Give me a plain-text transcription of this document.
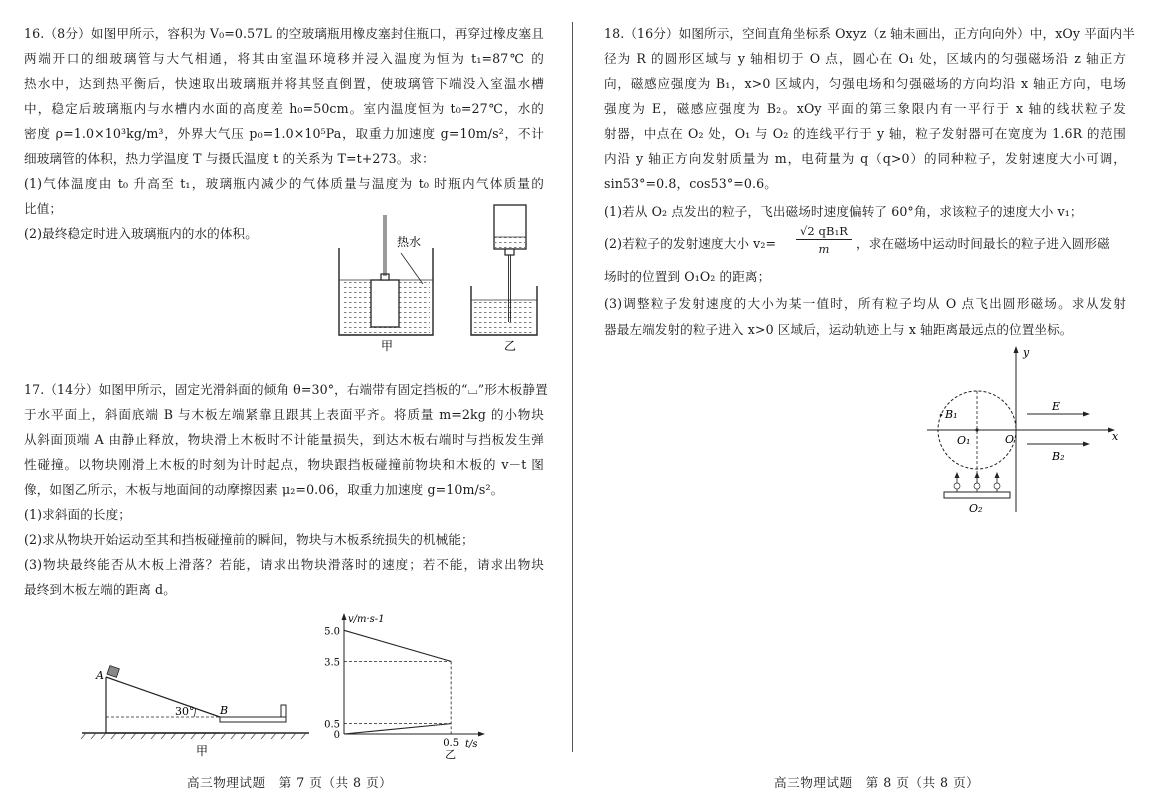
16.（8分）如图甲所示，容积为 V₀=0.57L 的空玻璃瓶用橡皮塞封住瓶口，再穿过橡皮塞且
两端开口的细玻璃管与大气相通，将其由室温环境移并浸入温度为恒为 t₁=87℃ 的
热水中，达到热平衡后，快速取出玻璃瓶并将其竖直倒置，使玻璃管下端没入室温水槽
中，稳定后玻璃瓶内与水槽内水面的高度差 h₀=50cm。室内温度恒为 t₀=27℃，水的
密度 ρ=1.0×10³kg/m³，外界大气压 p₀=1.0×10⁵Pa，取重力加速度 g=10m/s²，不计
细玻璃管的体积，热力学温度 T 与摄氏温度 t 的关系为 T=t+273。求：
(1)气体温度由 t₀ 升高至 t₁，玻璃瓶内减少的气体质量与温度为 t₀ 时瓶内气体质量的
比值；
(2)最终稳定时进入玻璃瓶内的水的体积。
热水
甲	乙
17.（14分）如图甲所示，固定光滑斜面的倾角 θ=30°，右端带有固定挡板的“⌴”形木板静置
于水平面上，斜面底端 B 与木板左端紧靠且跟其上表面平齐。将质量 m=2kg 的小物块
从斜面顶端 A 由静止释放，物块滑上木板时不计能量损失，到达木板右端时与挡板发生弹
性碰撞。以物块刚滑上木板的时刻为计时起点，物块跟挡板碰撞前物块和木板的 v－t 图
像，如图乙所示，木板与地面间的动摩擦因素 μ₂=0.06，取重力加速度 g=10m/s²。
(1)求斜面的长度；
(2)求从物块开始运动至其和挡板碰撞前的瞬间，物块与木板系统损失的机械能；
(3)物块最终能否从木板上滑落？若能，请求出物块滑落时的速度；若不能，请求出物块
最终到木板左端的距离 d。
30°
A
B
甲
v/m·s-1
t/s
5.0
3.5
0.5
0
0.5
乙
高三物理试题　第 7 页（共 8 页）
18.（16分）如图所示，空间直角坐标系 Oxyz（z 轴未画出，正方向向外）中，xOy 平面内半
径为 R 的圆形区域与 y 轴相切于 O 点，圆心在 O₁ 处，区域内的匀强磁场沿 z 轴正方
向，磁感应强度为 B₁，x>0 区域内，匀强电场和匀强磁场的方向均沿 x 轴正方向，电场
强度为 E，磁感应强度为 B₂。xOy 平面的第三象限内有一平行于 x 轴的线状粒子发
射器，中点在 O₂ 处，O₁ 与 O₂ 的连线平行于 y 轴，粒子发射器可在宽度为 1.6R 的范围
内沿 y 轴正方向发射质量为 m，电荷量为 q（q>0）的同种粒子，发射速度大小可调，
sin53°=0.8，cos53°=0.6。
(1)若从 O₂ 点发出的粒子，飞出磁场时速度偏转了 60°角，求该粒子的速度大小 v₁；
(2)若粒子的发射速度大小 v₂=
√2 qB₁R
m	，求在磁场中运动时间最长的粒子进入圆形磁
场时的位置到 O₁O₂ 的距离；
(3)调整粒子发射速度的大小为某一值时，所有粒子均从 O 点飞出圆形磁场。求从发射
器最左端发射的粒子进入 x>0 区域后，运动轨迹上与 x 轴距离最远点的位置坐标。
y
x
B₁
O₁	O
E
B₂
O₂
高三物理试题　第 8 页（共 8 页）
